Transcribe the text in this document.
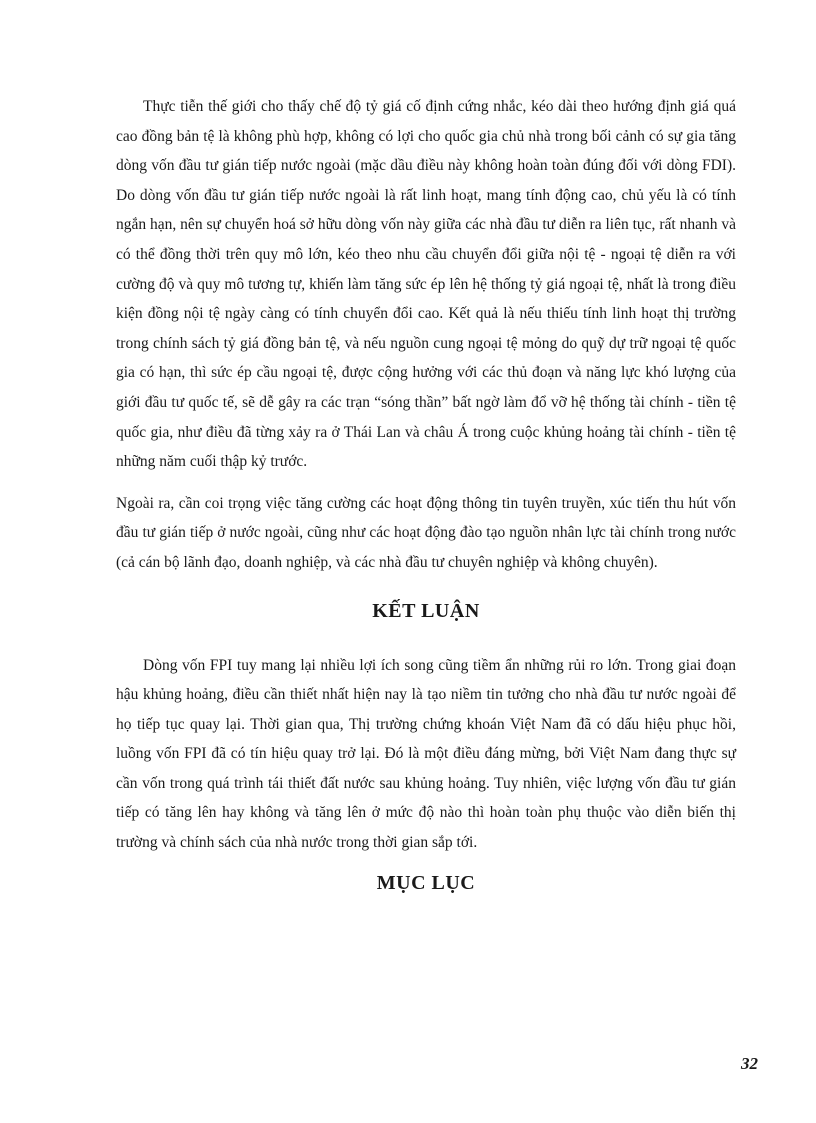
Thực tiễn thế giới cho thấy chế độ tỷ giá cố định cứng nhắc, kéo dài theo hướng định giá quá cao đồng bản tệ là không phù hợp, không có lợi cho quốc gia chủ nhà trong bối cảnh có sự gia tăng dòng vốn đầu tư gián tiếp nước ngoài (mặc dầu điều này không hoàn toàn đúng đối với dòng FDI). Do dòng vốn đầu tư gián tiếp nước ngoài là rất linh hoạt, mang tính động cao, chủ yếu là có tính ngắn hạn, nên sự chuyển hoá sở hữu dòng vốn này giữa các nhà đầu tư diễn ra liên tục, rất nhanh và có thể đồng thời trên quy mô lớn, kéo theo nhu cầu chuyển đổi giữa nội tệ - ngoại tệ diễn ra với cường độ và quy mô tương tự, khiến làm tăng sức ép lên hệ thống tỷ giá ngoại tệ, nhất là trong điều kiện đồng nội tệ ngày càng có tính chuyển đổi cao. Kết quả là nếu thiếu tính linh hoạt thị trường trong chính sách tỷ giá đồng bản tệ, và nếu nguồn cung ngoại tệ mỏng do quỹ dự trữ ngoại tệ quốc gia có hạn, thì sức ép cầu ngoại tệ, được cộng hưởng với các thủ đoạn và năng lực khó lượng của giới đầu tư quốc tế, sẽ dễ gây ra các trạn “sóng thần” bất ngờ làm đổ vỡ hệ thống tài chính - tiền tệ quốc gia, như điều đã từng xảy ra ở Thái Lan và châu Á trong cuộc khủng hoảng tài chính - tiền tệ những năm cuối thập kỷ trước.

Ngoài ra, cần coi trọng việc tăng cường các hoạt động thông tin tuyên truyền, xúc tiến thu hút vốn đầu tư gián tiếp ở nước ngoài, cũng như các hoạt động đào tạo nguồn nhân lực tài chính trong nước (cả cán bộ lãnh đạo, doanh nghiệp, và các nhà đầu tư chuyên nghiệp và không chuyên).

KẾT LUẬN

Dòng vốn FPI tuy mang lại nhiều lợi ích song cũng tiềm ẩn những rủi ro lớn. Trong giai đoạn hậu khủng hoảng, điều cần thiết nhất hiện nay là tạo niềm tin tưởng cho nhà đầu tư nước ngoài để họ tiếp tục quay lại. Thời gian qua, Thị trường chứng khoán Việt Nam đã có dấu hiệu phục hồi, luồng vốn FPI đã có tín hiệu quay trở lại. Đó là một điều đáng mừng, bởi Việt Nam đang thực sự cần vốn trong quá trình tái thiết đất nước sau khủng hoảng. Tuy nhiên, việc lượng vốn đầu tư gián tiếp có tăng lên hay không và tăng lên ở mức độ nào thì hoàn toàn phụ thuộc vào diễn biến thị trường và chính sách của nhà nước trong thời gian sắp tới.

MỤC LỤC
32
